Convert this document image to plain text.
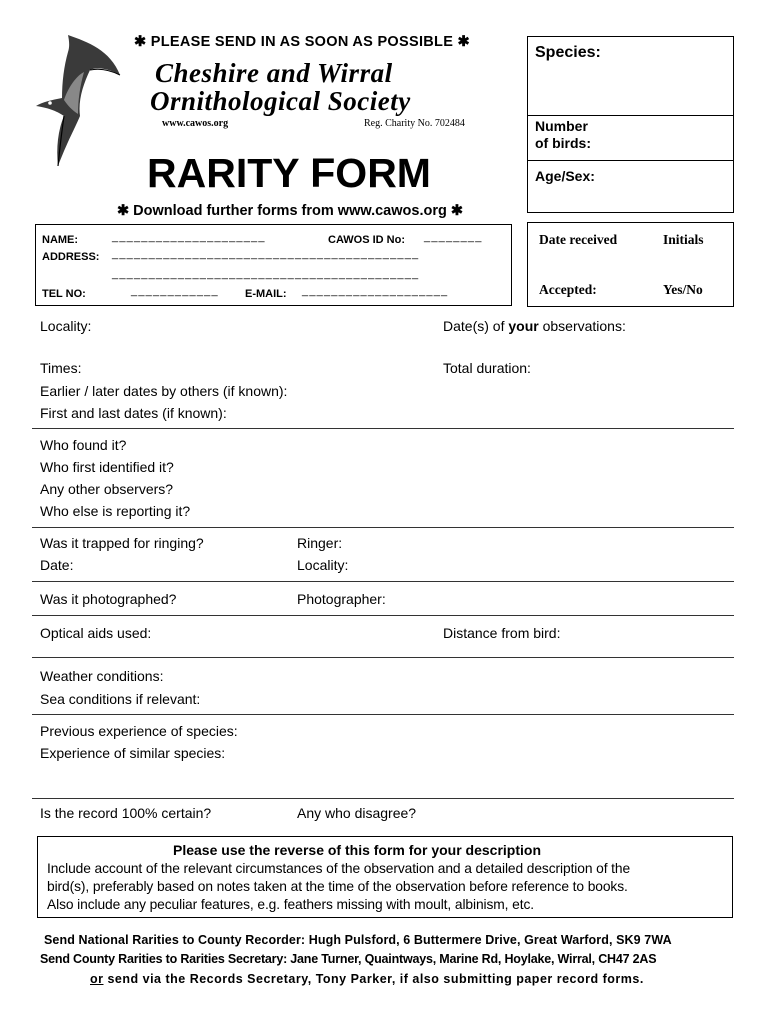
✱ PLEASE SEND IN AS SOON AS POSSIBLE ✱
Cheshire and Wirral
Ornithological Society
www.cawos.org	Reg. Charity No. 702484
RARITY FORM
✱ Download further forms from www.cawos.org ✱
Species:
Number
of birds:
Age/Sex:
NAME:	_____________________	CAWOS ID No: ________
ADDRESS: __________________________________________
__________________________________________
TEL NO:	____________ E-MAIL: ____________________
Date received	Initials
Accepted:	Yes/No
Locality:	Date(s) of your observations:
Times:	Total duration:
Earlier / later dates by others (if known):
First and last dates (if known):
Who found it?
Who first identified it?
Any other observers?
Who else is reporting it?
Was it trapped for ringing?	Ringer:
Date:	Locality:
Was it photographed?	Photographer:
Optical aids used:	Distance from bird:
Weather conditions:
Sea conditions if relevant:
Previous experience of species:
Experience of similar species:
Is the record 100% certain?	Any who disagree?
Please use the reverse of this form for your description
Include account of the relevant circumstances of the observation and a detailed description of the
bird(s), preferably based on notes taken at the time of the observation before reference to books.
Also include any peculiar features, e.g. feathers missing with moult, albinism, etc.
Send National Rarities to County Recorder: Hugh Pulsford, 6 Buttermere Drive, Great Warford, SK9 7WA
Send County Rarities to Rarities Secretary: Jane Turner, Quaintways, Marine Rd, Hoylake, Wirral, CH47 2AS
or send via the Records Secretary, Tony Parker, if also submitting paper record forms.
